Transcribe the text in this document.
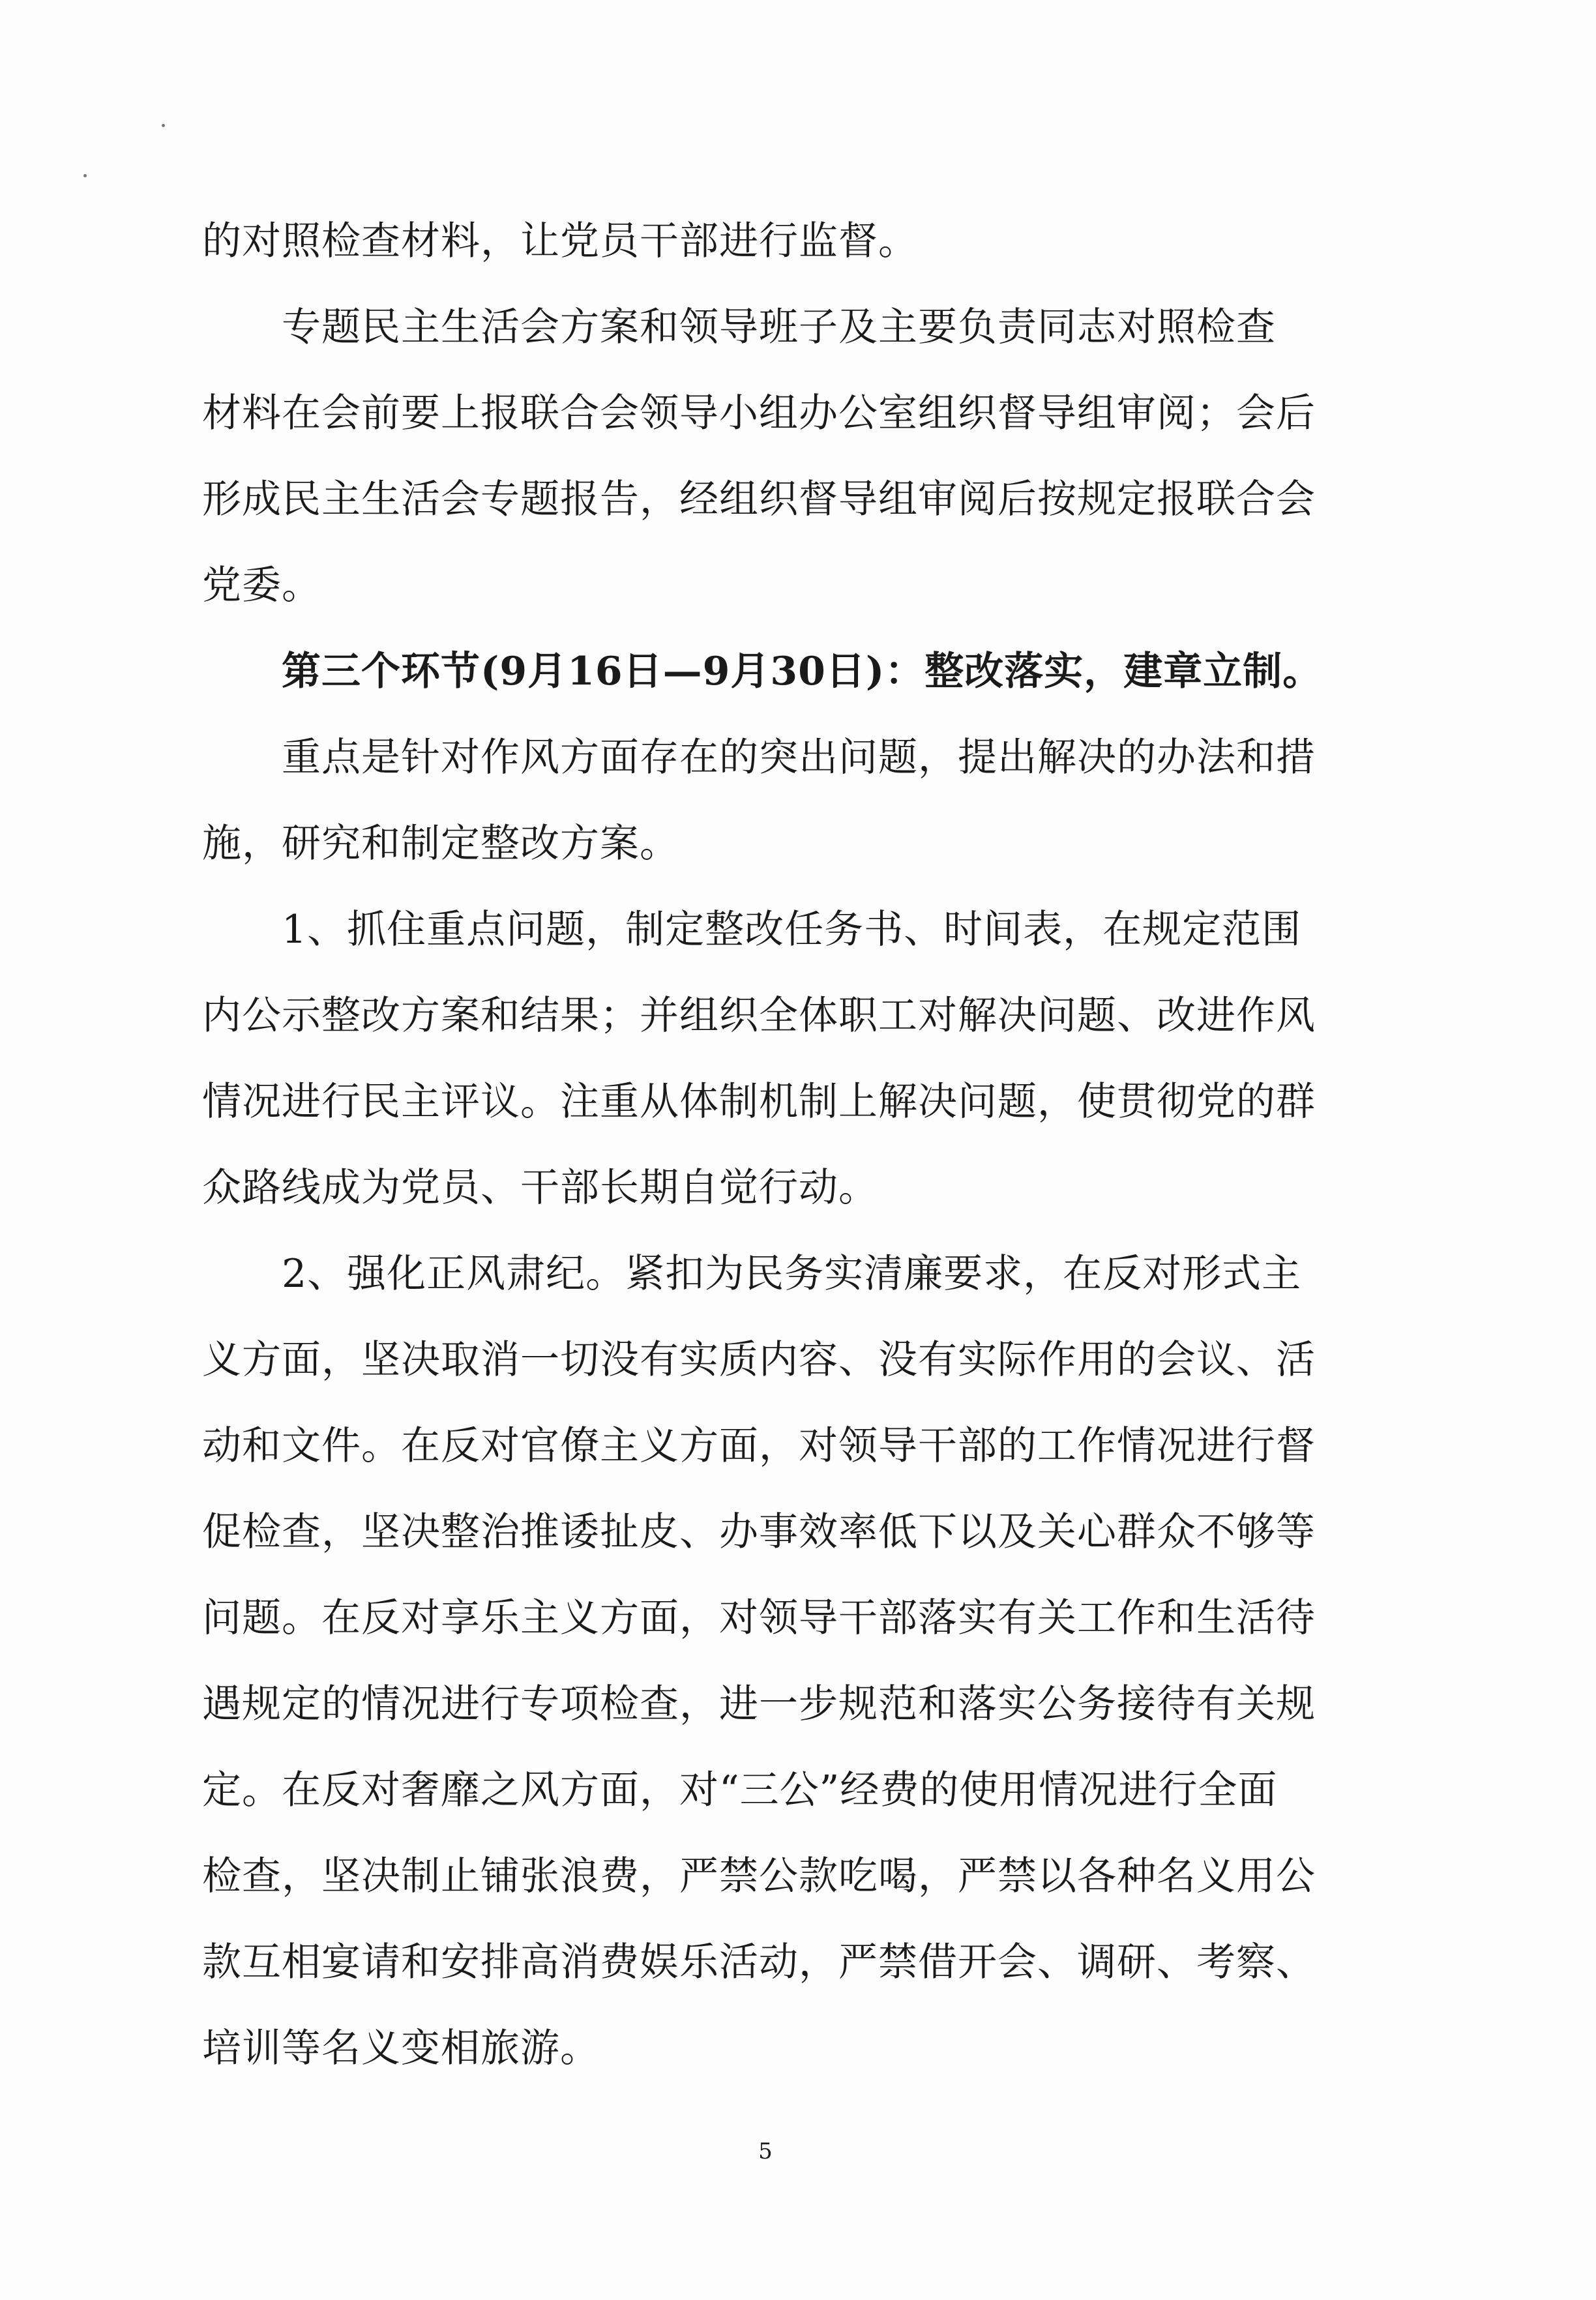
的对照检查材料，让党员干部进行监督。
专题民主生活会方案和领导班子及主要负责同志对照检查
材料在会前要上报联合会领导小组办公室组织督导组审阅；会后
形成民主生活会专题报告，经组织督导组审阅后按规定报联合会
党委。
第三个环节(9月16日—9月30日)：整改落实，建章立制。
重点是针对作风方面存在的突出问题，提出解决的办法和措
施，研究和制定整改方案。
1、抓住重点问题，制定整改任务书、时间表，在规定范围
内公示整改方案和结果；并组织全体职工对解决问题、改进作风
情况进行民主评议。注重从体制机制上解决问题，使贯彻党的群
众路线成为党员、干部长期自觉行动。
2、强化正风肃纪。紧扣为民务实清廉要求，在反对形式主
义方面，坚决取消一切没有实质内容、没有实际作用的会议、活
动和文件。在反对官僚主义方面，对领导干部的工作情况进行督
促检查，坚决整治推诿扯皮、办事效率低下以及关心群众不够等
问题。在反对享乐主义方面，对领导干部落实有关工作和生活待
遇规定的情况进行专项检查，进一步规范和落实公务接待有关规
定。在反对奢靡之风方面，对“三公”经费的使用情况进行全面
检查，坚决制止铺张浪费，严禁公款吃喝，严禁以各种名义用公
款互相宴请和安排高消费娱乐活动，严禁借开会、调研、考察、
培训等名义变相旅游。
5
